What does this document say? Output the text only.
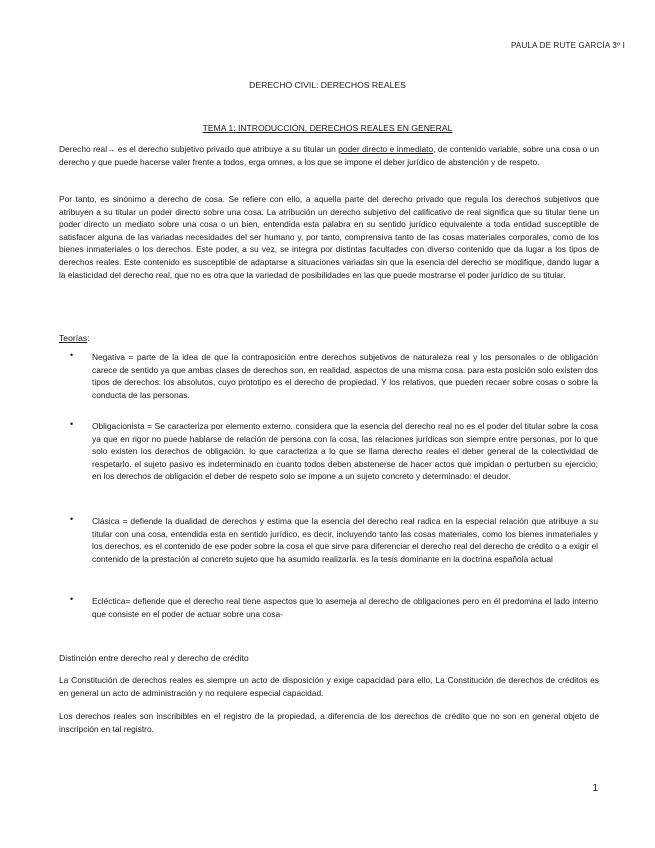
PAULA DE RUTE GARCÍA 3º I
DERECHO CIVIL: DERECHOS REALES
TEMA 1: INTRODUCCIÓN, DERECHOS REALES EN GENERAL
Derecho real→ es el derecho subjetivo privado que atribuye a su titular un poder directo e inmediato, de contenido variable, sobre una cosa o un derecho y que puede hacerse valer frente a todos, erga omnes, a los que se impone el deber jurídico de abstención y de respeto.
Por tanto, es sinónimo a derecho de cosa. Se refiere con ello, a aquella parte del derecho privado que regula los derechos subjetivos que atribuyen a su titular un poder directo sobre una cosa. La atribución un derecho subjetivo del calificativo de real significa que su titular tiene un poder directo un mediato sobre una cosa o un bien, entendida esta palabra en su sentido jurídico equivalente a toda entidad susceptible de satisfacer alguna de las variadas necesidades del ser humano y, por tanto, comprensiva tanto de las cosas materiales corporales, como de los bienes inmateriales o los derechos. Este poder, a su vez, se integra por distintas facultades con diverso contenido que da lugar a los tipos de derechos reales. Este contenido es susceptible de adaptarse a situaciones variadas sin que la esencia del derecho se modifique, dando lugar a la elasticidad del derecho real, que no es otra que la variedad de posibilidades en las que puede mostrarse el poder jurídico de su titular.
Teorías:
• Negativa = parte de la idea de que la contraposición entre derechos subjetivos de naturaleza real y los personales o de obligación carece de sentido ya que ambas clases de derechos son, en realidad, aspectos de una misma cosa. para esta posición solo existen dos tipos de derechos: los absolutos, cuyo prototipo es el derecho de propiedad. Y los relativos, que pueden recaer sobre cosas o sobre la conducta de las personas.
• Obligacionista = Se caracteriza por elemento externo. considera que la esencia del derecho real no es el poder del titular sobre la cosa ya que en rigor no puede hablarse de relación de persona con la cosa, las relaciones jurídicas son siempre entre personas, por lo que solo existen los derechos de obligación. lo que caracteriza a lo que se llama derecho reales el deber general de la colectividad de respetarlo. el sujeto pasivo es indeterminado en cuanto todos deben abstenerse de hacer actos que impidan o perturben su ejercicio; en los derechos de obligación el deber de respeto solo se impone a un sujeto concreto y determinado: el deudor.
• Clásica = defiende la dualidad de derechos y estima que la esencia del derecho real radica en la especial relación que atribuye a su titular con una cosa, entendida esta en sentido jurídico, es decir, incluyendo tanto las cosas materiales, como los bienes inmateriales y los derechos. es el contenido de ese poder sobre la cosa el que sirve para diferenciar el derecho real del derecho de crédito o a exigir el contenido de la prestación al concreto sujeto que ha asumido realizarla. es la tesis dominante en la doctrina española actual
• Ecléctica= defiende que el derecho real tiene aspectos que lo asemeja al derecho de obligaciones pero en él predomina el lado interno que consiste en el poder de actuar sobre una cosa-
Distinción entre derecho real y derecho de crédito
La Constitución de derechos reales es siempre un acto de disposición y exige capacidad para ello, La Constitución de derechos de créditos es en general un acto de administración y no requiere especial capacidad.
Los derechos reales son inscribibles en el registro de la propiedad, a diferencia de los derechos de crédito que no son en general objeto de inscripción en tal registro.
1
